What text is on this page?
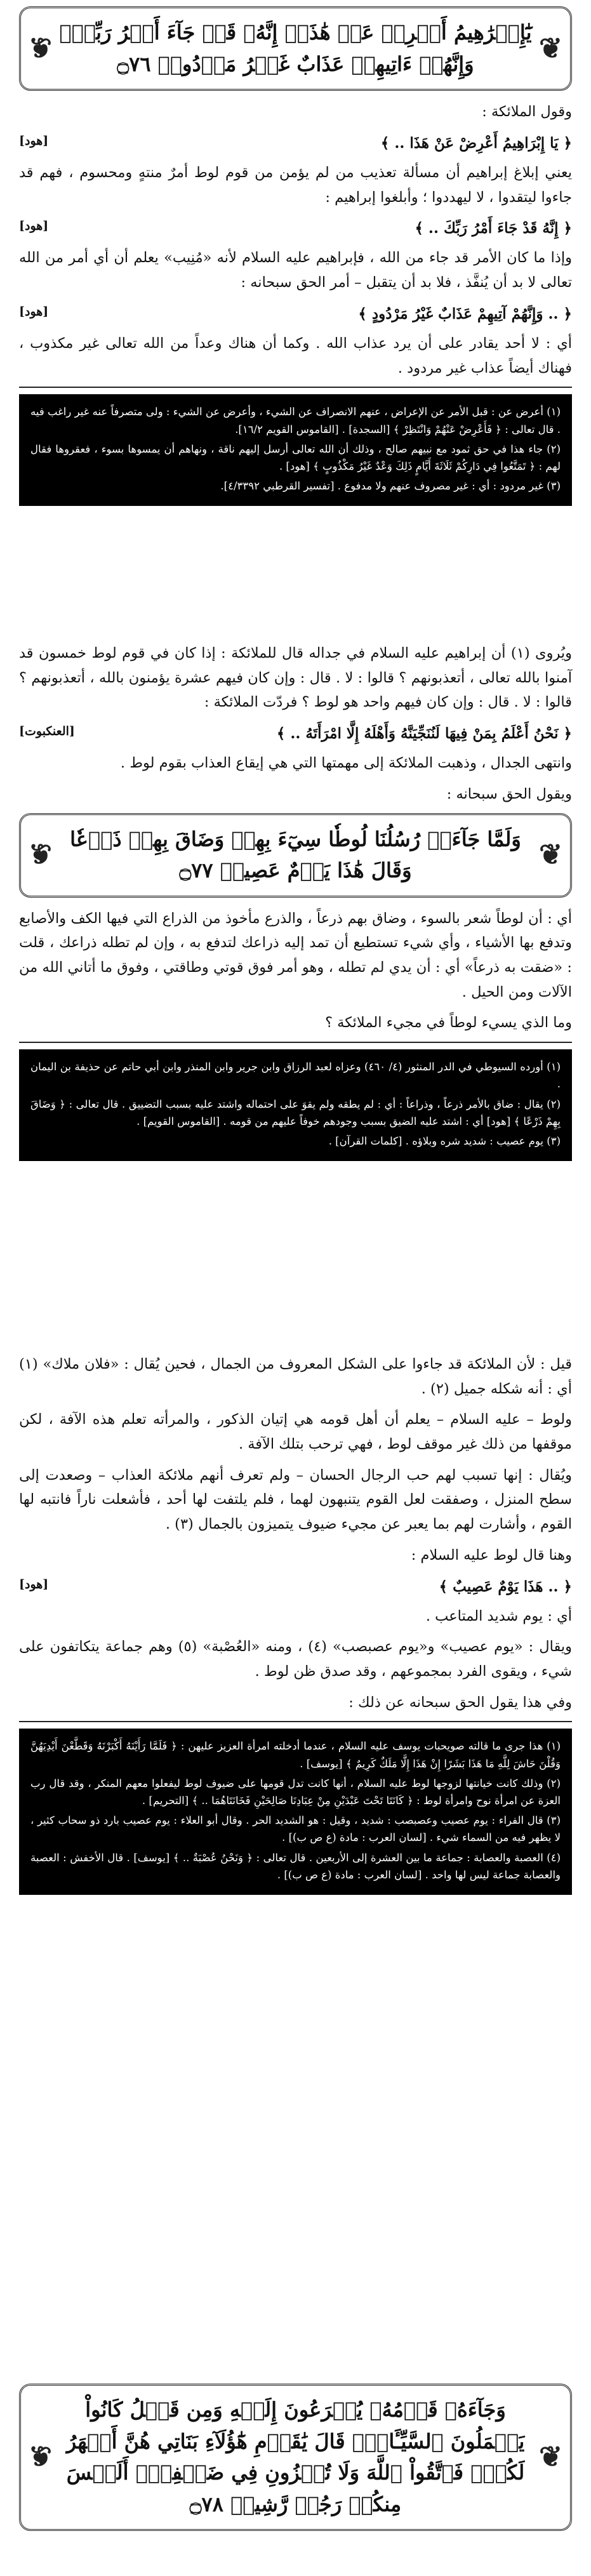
❦ يَٰٓإِبۡرَٰهِيمُ أَعۡرِضۡ عَنۡ هَٰذَآۖ إِنَّهُۥ قَدۡ جَآءَ أَمۡرُ رَبِّكَۖ وَإِنَّهُمۡ ءَاتِيهِمۡ عَذَابٌ غَيۡرُ مَرۡدُودٖ ۝٧٦ ❦

وقول الملائكة :

﴿ يَا إِبْرَاهِيمُ أَعْرِضْ عَنْ هَذَا .. ﴾
[هود]

يعني إبلاغ إبراهيم أن مسألة تعذيب من لم يؤمن من قوم لوط أمرٌ منتهٍ ومحسوم ، فهم قد جاءوا ليتقدوا ، لا ليهددوا ؛ وأبلغوا إبراهيم :

﴿ إِنَّهُ قَدْ جَاءَ أَمْرُ رَبِّكَ .. ﴾
[هود]

وإذا ما كان الأمر قد جاء من الله ، فإبراهيم عليه السلام لأنه «مُنِيب» يعلم أن أي أمر من الله تعالى لا بد أن يُنفَّذ ، فلا بد أن يتقبل – أمر الحق سبحانه :

﴿ .. وَإِنَّهُمْ آتِيهِمْ عَذَابٌ غَيْرُ مَرْدُودٍ ﴾
[هود]

أي : لا أحد يقادر على أن يرد عذاب الله . وكما أن هناك وعداً من الله تعالى غير مكذوب ، فهناك أيضاً عذاب غير مردود .

(١) أعرض عن : قبل الأمر عن الإعراض ، عنهم الانصراف عن الشيء ، وأعرض عن الشيء : ولى متصرفاً عنه غير راغب فيه . قال تعالى : ﴿ فَأَعْرِضْ عَنْهُمْ وَانْتَظِرْ ﴾ [السجدة] . [القاموس القويم ١٦/٢].
(٢) جاء هذا في حق ثمود مع نبيهم صالح ، وذلك أن الله تعالى أرسل إليهم ناقة ، ونهاهم أن يمسوها بسوء ، فعقروها فقال لهم : ﴿ تَمَتَّعُوا فِي دَارِكُمْ ثَلَاثَةَ أَيَّامٍ ذَلِكَ وَعْدٌ غَيْرُ مَكْذُوبٍ ﴾ [هود] .
(٣) غير مردود : أي : غير مصروف عنهم ولا مدفوع . [تفسير القرطبي ٤/٣٣٩٢].

ويُروى (١) أن إبراهيم عليه السلام في جداله قال للملائكة : إذا كان في قوم لوط خمسون قد آمنوا بالله تعالى ، أتعذبونهم ؟ قالوا : لا . قال : وإن كان فيهم عشرة يؤمنون بالله ، أتعذبونهم ؟ قالوا : لا . قال : وإن كان فيهم واحد هو لوط ؟ فردّت الملائكة :

﴿ نَحْنُ أَعْلَمُ بِمَنْ فِيهَا لَنُنَجِّيَنَّهُ وَأَهْلَهُ إِلَّا امْرَأَتَهُ .. ﴾
[العنكبوت]

وانتهى الجدال ، وذهبت الملائكة إلى مهمتها التي هي إيقاع العذاب بقوم لوط .

ويقول الحق سبحانه :

❦ وَلَمَّا جَآءَتۡ رُسُلُنَا لُوطٗا سِيٓءَ بِهِمۡ وَضَاقَ بِهِمۡ ذَرۡعٗا وَقَالَ هَٰذَا يَوۡمٌ عَصِيبٞ ۝٧٧ ❦

أي : أن لوطاً شعر بالسوء ، وضاق بهم ذرعاً ، والذرع مأخوذ من الذراع التي فيها الكف والأصابع وتدفع بها الأشياء ، وأي شيء تستطيع أن تمد إليه ذراعك لتدفع به ، وإن لم تطله ذراعك ، قلت : «ضقت به ذرعاً» أي : أن يدي لم تطله ، وهو أمر فوق قوتي وطاقتي ، وفوق ما أتاني الله من الآلات ومن الحيل .

وما الذي يسيء لوطاً في مجيء الملائكة ؟

(١) أورده السيوطي في الدر المنثور (٤/ ٤٦٠) وعزاه لعبد الرزاق وابن جرير وابن المنذر وابن أبي حاتم عن حذيفة بن اليمان .
(٢) يقال : ضاق بالأمر ذرعاً ، وذراعاً : أي : لم يطقه ولم يقوَ على احتماله واشتد عليه بسبب التضييق . قال تعالى : ﴿ وَضَاقَ بِهِمْ ذَرْعًا ﴾ [هود] أي : اشتد عليه الضيق بسبب وجودهم خوفاً عليهم من قومه . [القاموس القويم] .
(٣) يوم عصيب : شديد شره وبلاؤه . [كلمات القرآن] .

قيل : لأن الملائكة قد جاءوا على الشكل المعروف من الجمال ، فحين يُقال : «فلان ملاك» (١) أي : أنه شكله جميل (٢) .

ولوط – عليه السلام – يعلم أن أهل قومه هي إتيان الذكور ، والمرأته تعلم هذه الآفة ، لكن موقفها من ذلك غير موقف لوط ، فهي ترحب بتلك الآفة .

ويُقال : إنها تسبب لهم حب الرجال الحسان – ولم تعرف أنهم ملائكة العذاب – وصعدت إلى سطح المنزل ، وصفقت لعل القوم يتنبهون لهما ، فلم يلتفت لها أحد ، فأشعلت ناراً فانتبه لها القوم ، وأشارت لهم بما يعبر عن مجيء ضيوف يتميزون بالجمال (٣) .

وهنا قال لوط عليه السلام :

﴿ .. هَذَا يَوْمٌ عَصِيبٌ ﴾
[هود]

أي : يوم شديد المتاعب .

ويقال : «يوم عصيب» و«يوم عصبصب» (٤) ، ومنه «العُصْبة» (٥) وهم جماعة يتكاتفون على شيء ، ويقوى الفرد بمجموعهم ، وقد صدق ظن لوط .

وفي هذا يقول الحق سبحانه عن ذلك :

(١) هذا جرى ما قالته صويحبات يوسف عليه السلام ، عندما أدخلته امرأة العزيز عليهن : ﴿ فَلَمَّا رَأَيْنَهُ أَكْبَرْنَهُ وَقَطَّعْنَ أَيْدِيَهُنَّ وَقُلْنَ حَاشَ لِلَّهِ مَا هَذَا بَشَرًا إِنْ هَذَا إِلَّا مَلَكٌ كَرِيمٌ ﴾ [يوسف] .
(٢) وذلك كانت خيانتها لزوجها لوط عليه السلام ، أنها كانت تدل قومها على ضيوف لوط ليفعلوا معهم المنكر ، وقد قال رب العزة عن امرأة نوح وامرأة لوط : ﴿ كَانَتَا تَحْتَ عَبْدَيْنِ مِنْ عِبَادِنَا صَالِحَيْنِ فَخَانَتَاهُمَا .. ﴾ [التحريم] .
(٣) قال الفراء : يوم عصيب وعصبصب : شديد ، وقيل : هو الشديد الحر . وقال أبو العلاء : يوم عصيب بارد ذو سحاب كثير ، لا يظهر فيه من السماء شيء . [لسان العرب : مادة (ع ص ب)] .
(٤) العصبة والعصابة : جماعة ما بين العشرة إلى الأربعين . قال تعالى : ﴿ وَنَحْنُ عُصْبَةٌ .. ﴾ [يوسف] . قال الأخفش : العصبة والعصابة جماعة ليس لها واحد . [لسان العرب : مادة (ع ص ب)] .
❦ وَجَآءَهُۥ قَوۡمُهُۥ يُهۡرَعُونَ إِلَيۡهِ وَمِن قَبۡلُ كَانُواْ يَعۡمَلُونَ ٱلسَّيِّـَٔاتِۚ قَالَ يَٰقَوۡمِ هَٰٓؤُلَآءِ بَنَاتِي هُنَّ أَطۡهَرُ لَكُمۡۖ فَٱتَّقُواْ ٱللَّهَ وَلَا تُخۡزُونِ فِي ضَيۡفِيٓۖ أَلَيۡسَ مِنكُمۡ رَجُلٞ رَّشِيدٞ ۝٧٨ ❦
